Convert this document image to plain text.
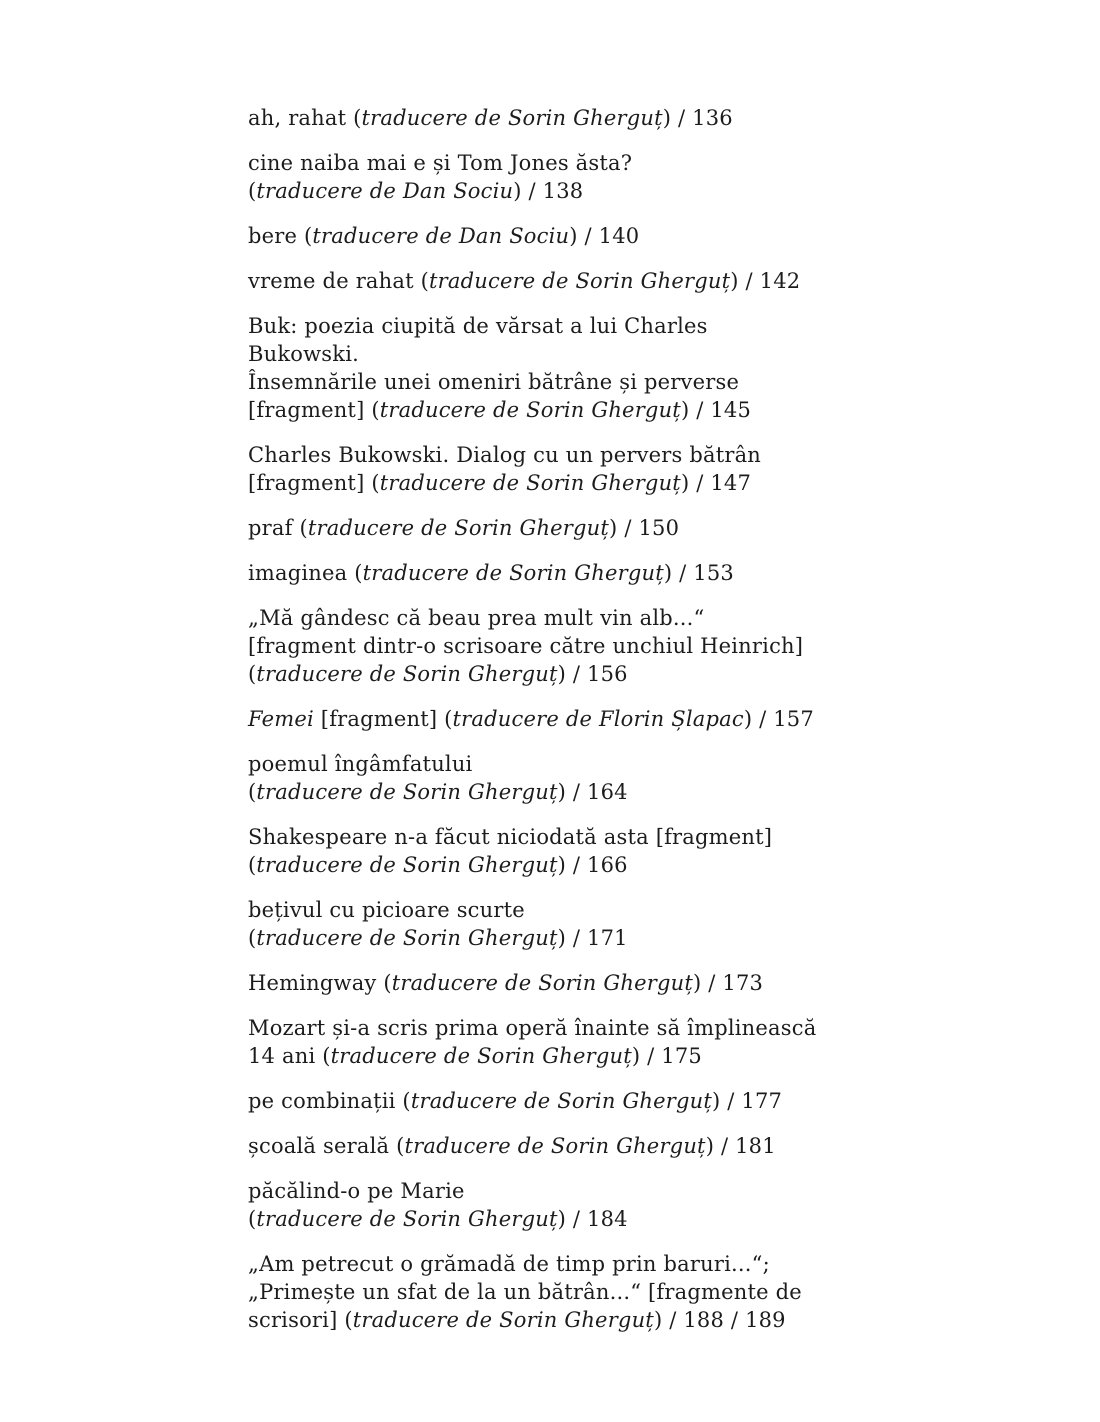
ah, rahat (traducere de Sorin Gherguț) / 136
cine naiba mai e și Tom Jones ăsta?
(traducere de Dan Sociu) / 138
bere (traducere de Dan Sociu) / 140
vreme de rahat (traducere de Sorin Gherguț) / 142
Buk: poezia ciupită de vărsat a lui Charles
Bukowski.
Însemnările unei omeniri bătrâne și perverse
[fragment] (traducere de Sorin Gherguț) / 145
Charles Bukowski. Dialog cu un pervers bătrân
[fragment] (traducere de Sorin Gherguț) / 147
praf (traducere de Sorin Gherguț) / 150
imaginea (traducere de Sorin Gherguț) / 153
„Mă gândesc că beau prea mult vin alb...“
[fragment dintr-o scrisoare către unchiul Heinrich]
(traducere de Sorin Gherguț) / 156
Femei [fragment] (traducere de Florin Șlapac) / 157
poemul îngâmfatului
(traducere de Sorin Gherguț) / 164
Shakespeare n-a făcut niciodată asta [fragment]
(traducere de Sorin Gherguț) / 166
bețivul cu picioare scurte
(traducere de Sorin Gherguț) / 171
Hemingway (traducere de Sorin Gherguț) / 173
Mozart și-a scris prima operă înainte să împlinească
14 ani (traducere de Sorin Gherguț) / 175
pe combinații (traducere de Sorin Gherguț) / 177
școală serală (traducere de Sorin Gherguț) / 181
păcălind-o pe Marie
(traducere de Sorin Gherguț) / 184
„Am petrecut o grămadă de timp prin baruri...“;
„Primește un sfat de la un bătrân...“ [fragmente de
scrisori] (traducere de Sorin Gherguț) / 188 / 189
